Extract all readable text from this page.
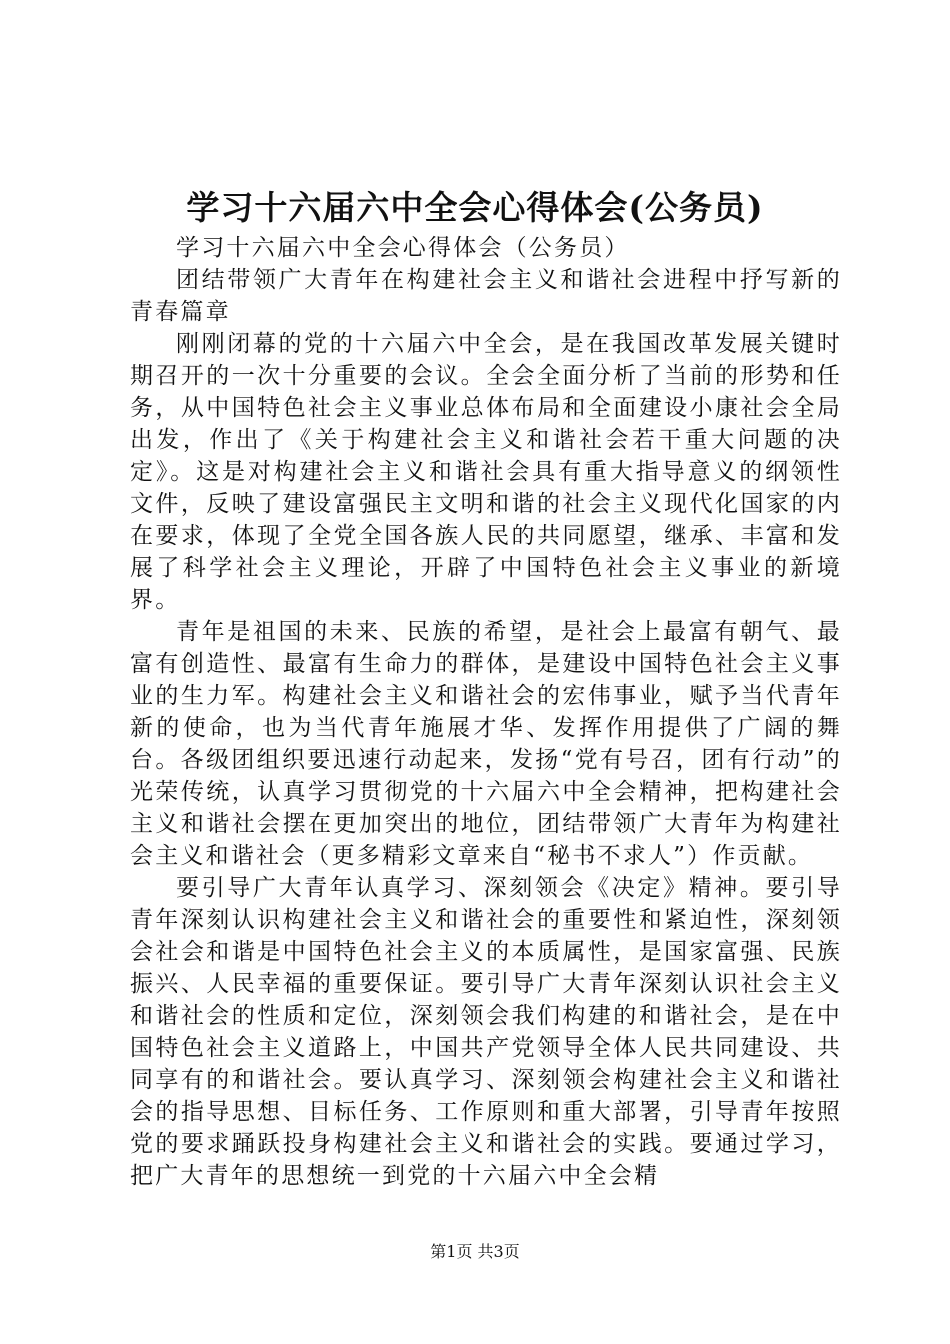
学习十六届六中全会心得体会(公务员)

学习十六届六中全会心得体会（公务员）

团结带领广大青年在构建社会主义和谐社会进程中抒写新的青春篇章

刚刚闭幕的党的十六届六中全会，是在我国改革发展关键时期召开的一次十分重要的会议。全会全面分析了当前的形势和任务，从中国特色社会主义事业总体布局和全面建设小康社会全局出发，作出了《关于构建社会主义和谐社会若干重大问题的决定》。这是对构建社会主义和谐社会具有重大指导意义的纲领性文件，反映了建设富强民主文明和谐的社会主义现代化国家的内在要求，体现了全党全国各族人民的共同愿望，继承、丰富和发展了科学社会主义理论，开辟了中国特色社会主义事业的新境界。

青年是祖国的未来、民族的希望，是社会上最富有朝气、最富有创造性、最富有生命力的群体，是建设中国特色社会主义事业的生力军。构建社会主义和谐社会的宏伟事业，赋予当代青年新的使命，也为当代青年施展才华、发挥作用提供了广阔的舞台。各级团组织要迅速行动起来，发扬“党有号召，团有行动”的光荣传统，认真学习贯彻党的十六届六中全会精神，把构建社会主义和谐社会摆在更加突出的地位，团结带领广大青年为构建社会主义和谐社会（更多精彩文章来自“秘书不求人”）作贡献。

要引导广大青年认真学习、深刻领会《决定》精神。要引导青年深刻认识构建社会主义和谐社会的重要性和紧迫性，深刻领会社会和谐是中国特色社会主义的本质属性，是国家富强、民族振兴、人民幸福的重要保证。要引导广大青年深刻认识社会主义和谐社会的性质和定位，深刻领会我们构建的和谐社会，是在中国特色社会主义道路上，中国共产党领导全体人民共同建设、共同享有的和谐社会。要认真学习、深刻领会构建社会主义和谐社会的指导思想、目标任务、工作原则和重大部署，引导青年按照党的要求踊跃投身构建社会主义和谐社会的实践。要通过学习，把广大青年的思想统一到党的十六届六中全会精

第1页 共3页
